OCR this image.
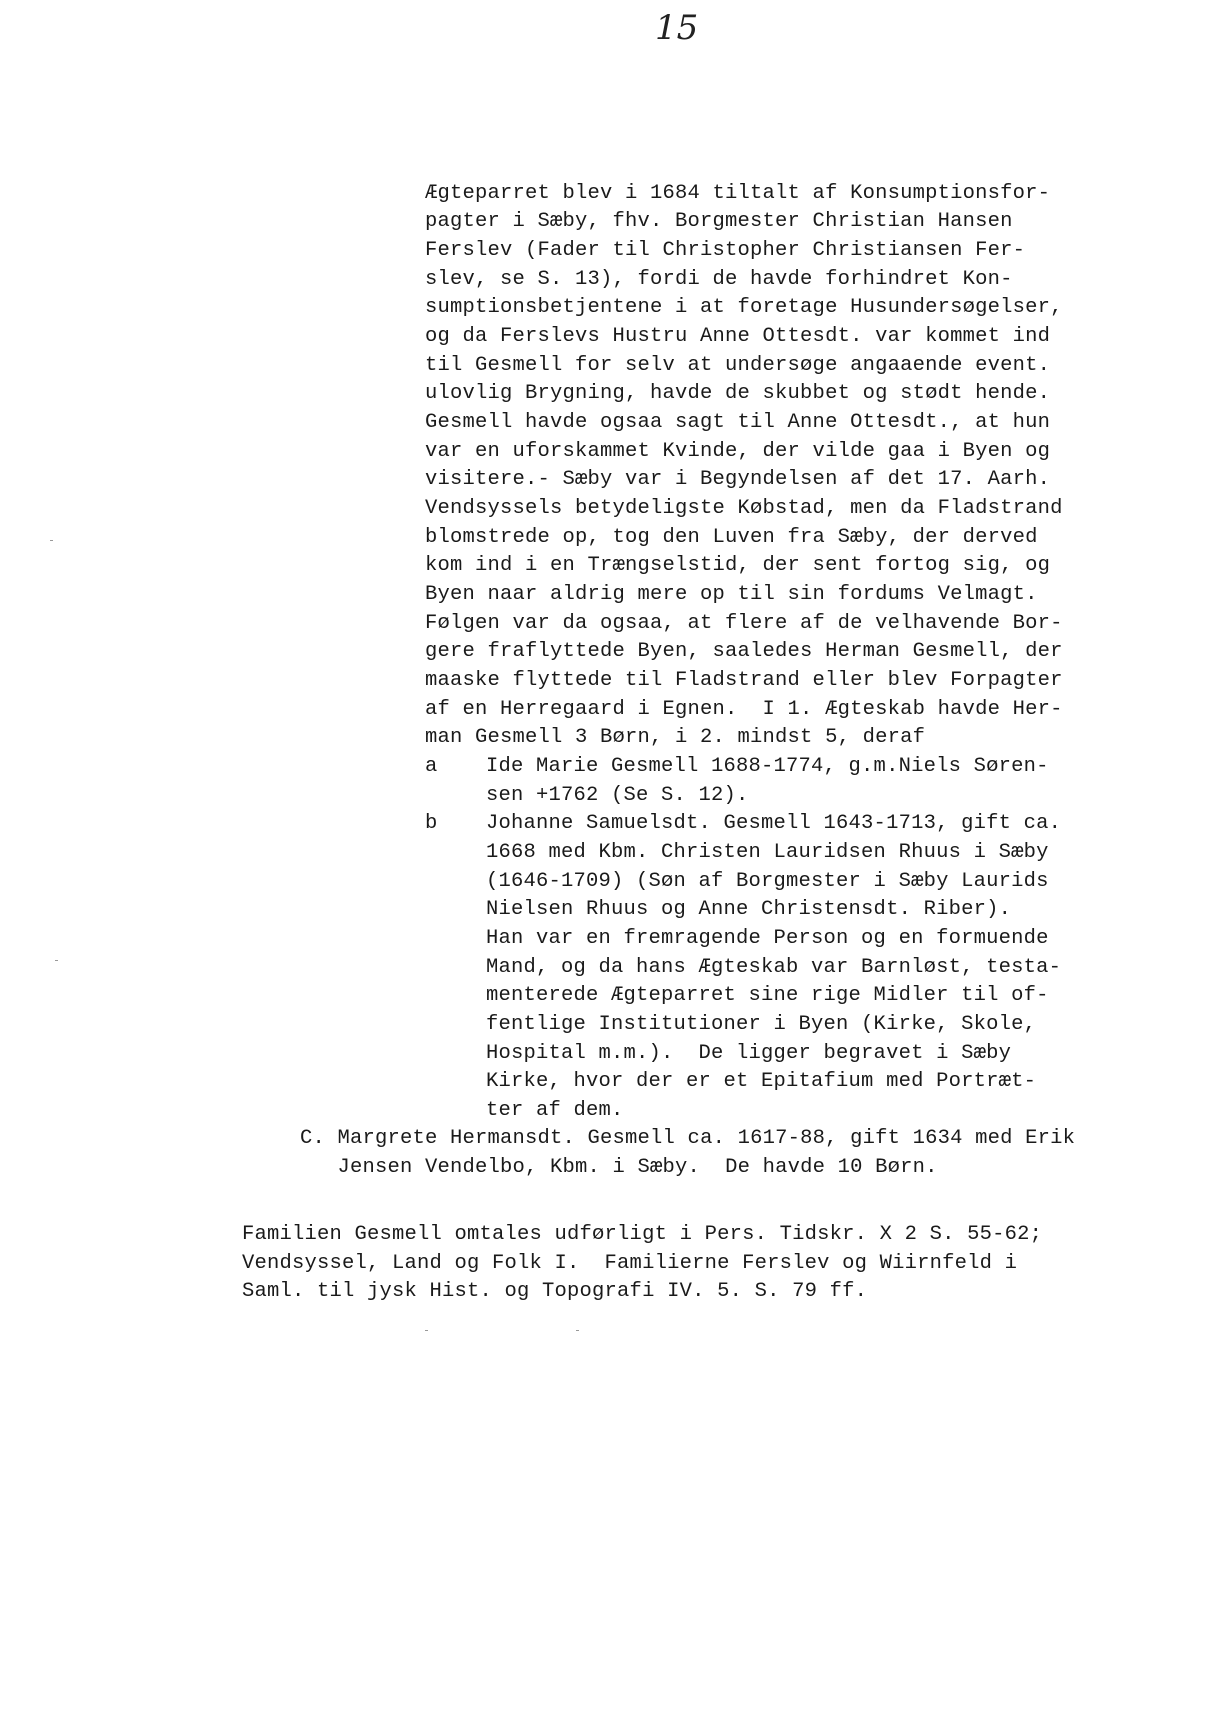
15
Ægteparret blev i 1684 tiltalt af Konsumptionsfor-
pagter i Sæby, fhv. Borgmester Christian Hansen
Ferslev (Fader til Christopher Christiansen Fer-
slev, se S. 13), fordi de havde forhindret Kon-
sumptionsbetjentene i at foretage Husundersøgelser,
og da Ferslevs Hustru Anne Ottesdt. var kommet ind
til Gesmell for selv at undersøge angaaende event.
ulovlig Brygning, havde de skubbet og stødt hende.
Gesmell havde ogsaa sagt til Anne Ottesdt., at hun
var en uforskammet Kvinde, der vilde gaa i Byen og
visitere.- Sæby var i Begyndelsen af det 17. Aarh.
Vendsyssels betydeligste Købstad, men da Fladstrand
blomstrede op, tog den Luven fra Sæby, der derved
kom ind i en Trængselstid, der sent fortog sig, og
Byen naar aldrig mere op til sin fordums Velmagt.
Følgen var da ogsaa, at flere af de velhavende Bor-
gere fraflyttede Byen, saaledes Herman Gesmell, der
maaske flyttede til Fladstrand eller blev Forpagter
af en Herregaard i Egnen.  I 1. Ægteskab havde Her-
man Gesmell 3 Børn, i 2. mindst 5, deraf
a Ide Marie Gesmell 1688-1774, g.m.Niels Søren-
sen +1762 (Se S. 12).
b Johanne Samuelsdt. Gesmell 1643-1713, gift ca.
1668 med Kbm. Christen Lauridsen Rhuus i Sæby
(1646-1709) (Søn af Borgmester i Sæby Laurids
Nielsen Rhuus og Anne Christensdt. Riber).
Han var en fremragende Person og en formuende
Mand, og da hans Ægteskab var Barnløst, testa-
menterede Ægteparret sine rige Midler til of-
fentlige Institutioner i Byen (Kirke, Skole,
Hospital m.m.).  De ligger begravet i Sæby
Kirke, hvor der er et Epitafium med Portræt-
ter af dem.
C. Margrete Hermansdt. Gesmell ca. 1617-88, gift 1634 med Erik
Jensen Vendelbo, Kbm. i Sæby.  De havde 10 Børn.
Familien Gesmell omtales udførligt i Pers. Tidskr. X 2 S. 55-62;
Vendsyssel, Land og Folk I.  Familierne Ferslev og Wiirnfeld i
Saml. til jysk Hist. og Topografi IV. 5. S. 79 ff.
